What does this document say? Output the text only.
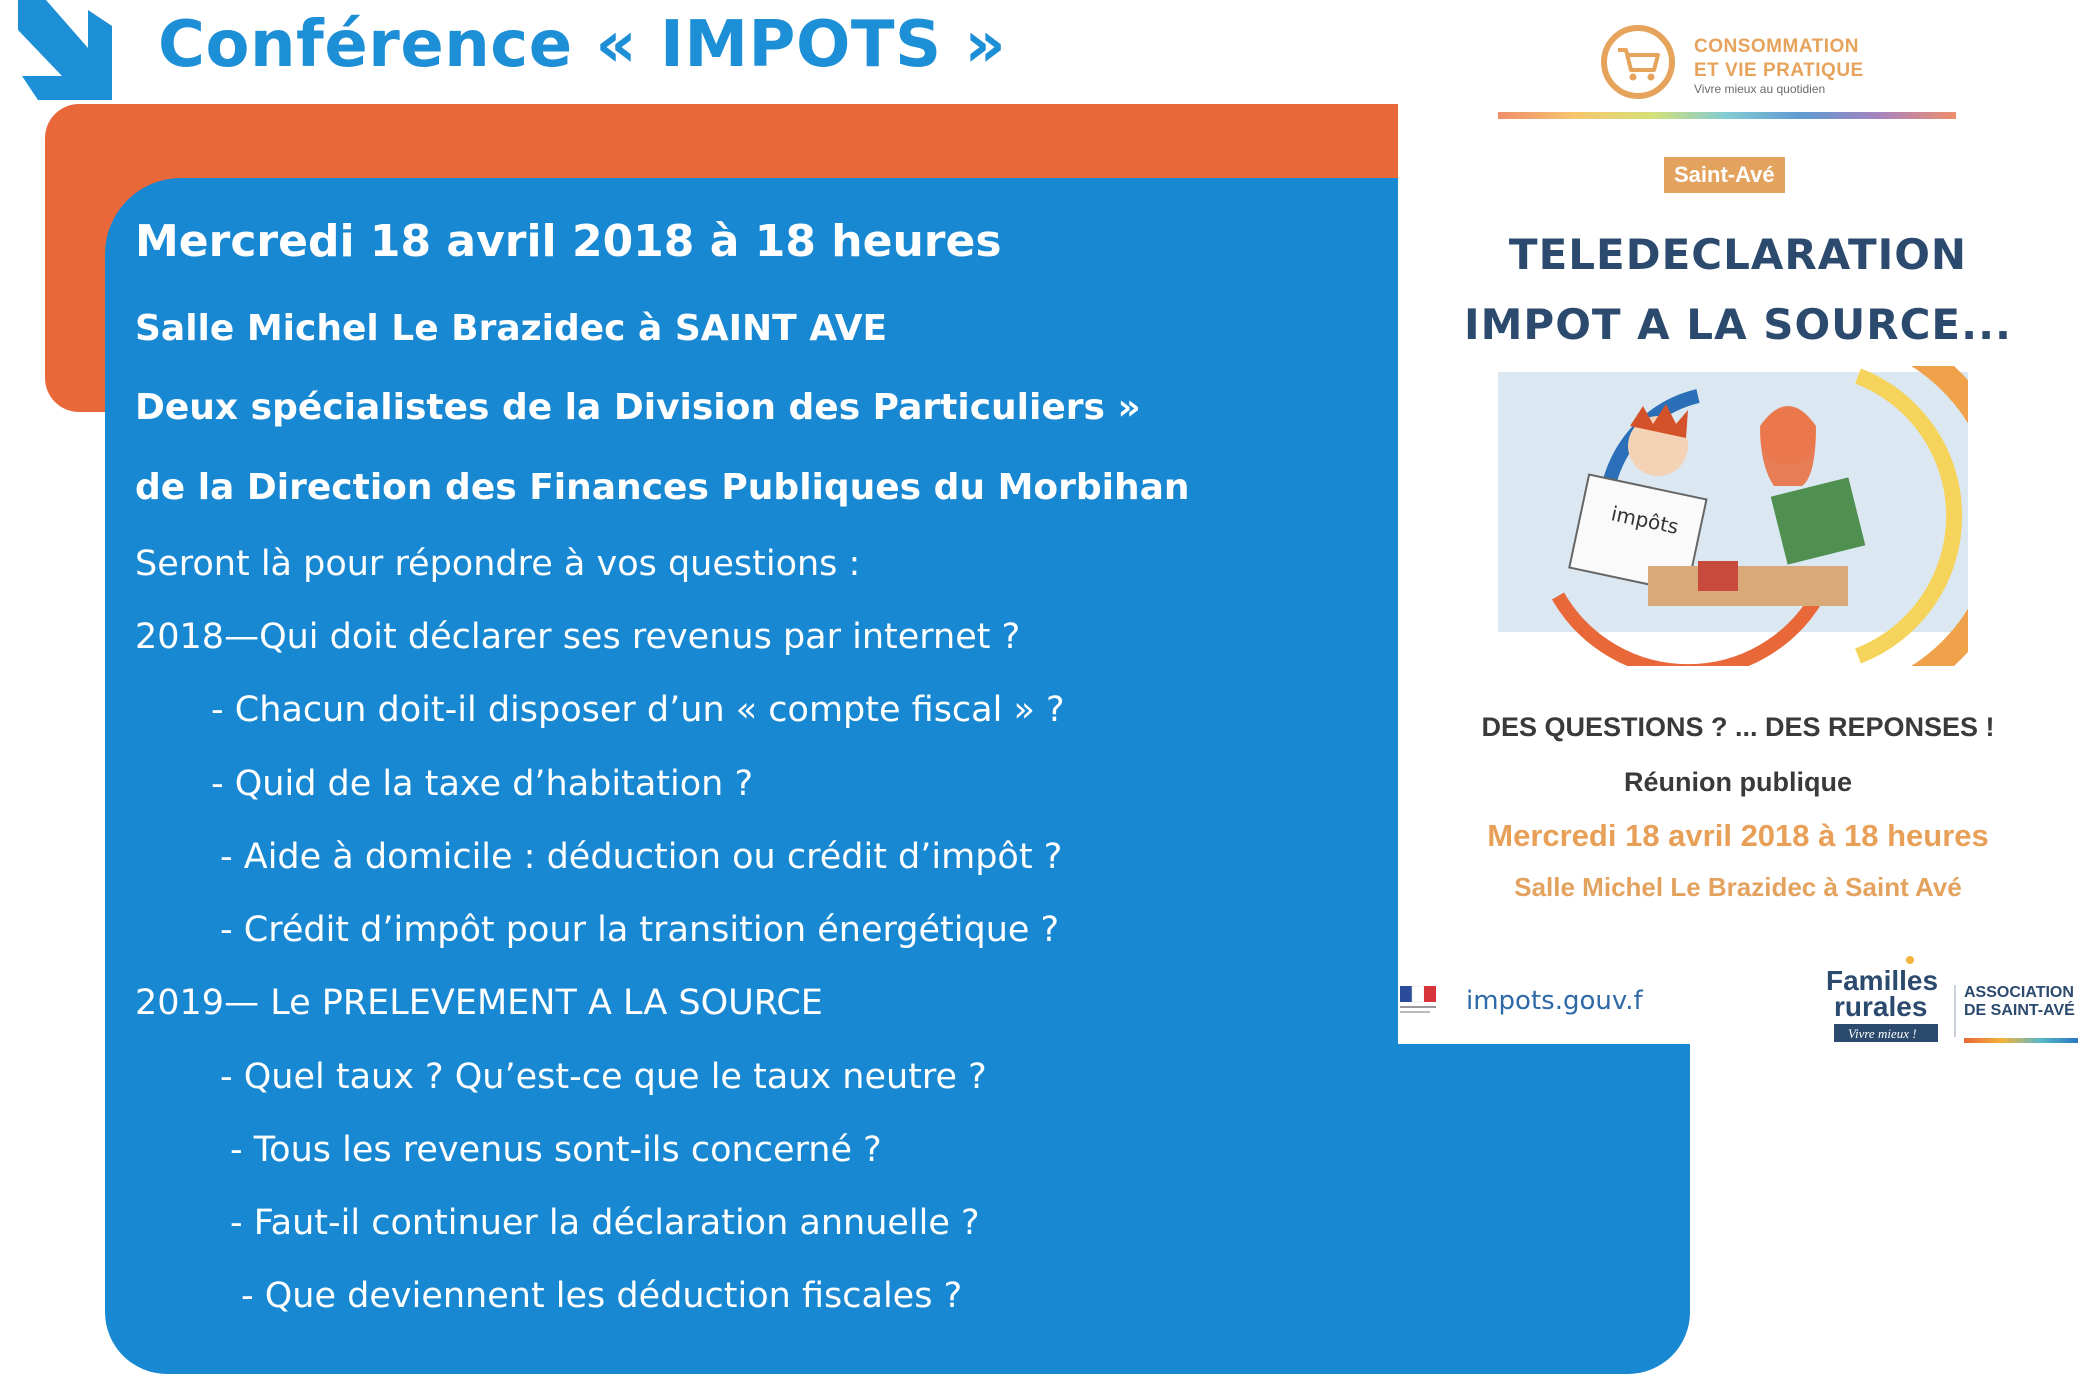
Conférence « IMPOTS »
Mercredi 18 avril 2018 à 18 heures
Salle Michel Le Brazidec à SAINT AVE
Deux spécialistes de la Division des Particuliers »
de la Direction des Finances Publiques du Morbihan
Seront là pour répondre à vos questions :
2018—Qui doit déclarer ses revenus par internet ?
- Chacun doit-il disposer d’un « compte fiscal » ?
- Quid de la taxe d’habitation ?
- Aide à domicile : déduction ou crédit d’impôt ?
- Crédit d’impôt pour la transition énergétique ?
2019— Le PRELEVEMENT A LA SOURCE
- Quel taux ? Qu’est-ce que le taux neutre ?
- Tous les revenus sont-ils concerné ?
- Faut-il continuer la déclaration annuelle ?
- Que deviennent les déduction fiscales ?
CONSOMMATION
ET VIE PRATIQUE
Vivre mieux au quotidien
Saint-Avé
TELEDECLARATION
IMPOT A LA SOURCE...
impôts
DES QUESTIONS ? ... DES REPONSES !
Réunion publique
Mercredi 18 avril 2018 à 18 heures
Salle Michel Le Brazidec à Saint Avé
impots.gouv.f
Familles
rurales
Vivre mieux !
ASSOCIATION
DE SAINT-AVÉ
